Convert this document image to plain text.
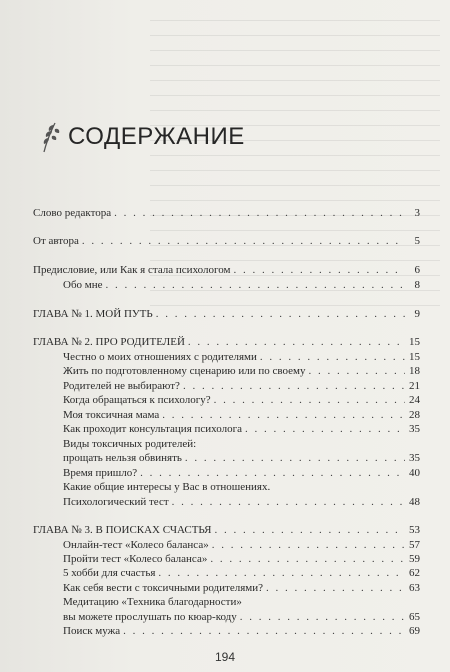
СОДЕРЖАНИЕ
Слово редактора . . .	3
От автора . . .	5
Предисловие, или Как я стала психологом . . .	6
Обо мне . . .	8
ГЛАВА № 1. МОЙ ПУТЬ . . .	9
ГЛАВА № 2. ПРО РОДИТЕЛЕЙ . . .	15
Честно о моих отношениях с родителями . . .	15
Жить по подготовленному сценарию или по своему . . .	18
Родителей не выбирают? . . .	21
Когда обращаться к психологу? . . .	24
Моя токсичная мама . . .	28
Как проходит консультация психолога . . .	35
Виды токсичных родителей:
прощать нельзя обвинять . . .	35
Время пришло? . . .	40
Какие общие интересы у Вас в отношениях.
Психологический тест . . .	48
ГЛАВА № 3. В ПОИСКАХ СЧАСТЬЯ . . .	53
Онлайн-тест «Колесо баланса» . . .	57
Пройти тест «Колесо баланса» . . .	59
5 хобби для счастья . . .	62
Как себя вести с токсичными родителями? . . .	63
Медитацию «Техника благодарности»
вы можете прослушать по кюар-коду . . .	65
Поиск мужа . . .	69
194
